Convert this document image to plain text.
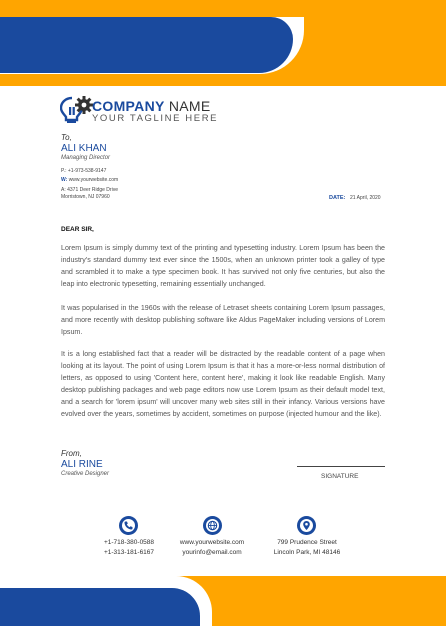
COMPANY NAME
YOUR TAGLINE HERE
To,
ALI KHAN
Managing Director
P.: +1-973-538-9147
W: www.yourwebsite.com
A: 4371 Deer Ridge Drive
Morristown, NJ 07960	DATE: 21 April, 2020
DEAR SIR,

Lorem Ipsum is simply dummy text of the printing and typesetting industry. Lorem Ipsum has been the industry's standard dummy text ever since the 1500s, when an unknown printer took a galley of type and scrambled it to make a type specimen book. It has survived not only five centuries, but also the leap into electronic typesetting, remaining essentially unchanged.

It was popularised in the 1960s with the release of Letraset sheets containing Lorem Ipsum passages, and more recently with desktop publishing software like Aldus PageMaker including versions of Lorem Ipsum.

It is a long established fact that a reader will be distracted by the readable content of a page when looking at its layout. The point of using Lorem Ipsum is that it has a more-or-less normal distribution of letters, as opposed to using 'Content here, content here', making it look like readable English. Many desktop publishing packages and web page editors now use Lorem Ipsum as their default model text, and a search for 'lorem ipsum' will uncover many web sites still in their infancy. Various versions have evolved over the years, sometimes by accident, sometimes on purpose (injected humour and the like).

From,
ALI RINE
Creative Designer	SIGNATURE
+1-718-380-0588
+1-313-181-6167
www.yourwebsite.com
yourinfo@email.com
799 Prudence Street
Lincoln Park, MI 48146
